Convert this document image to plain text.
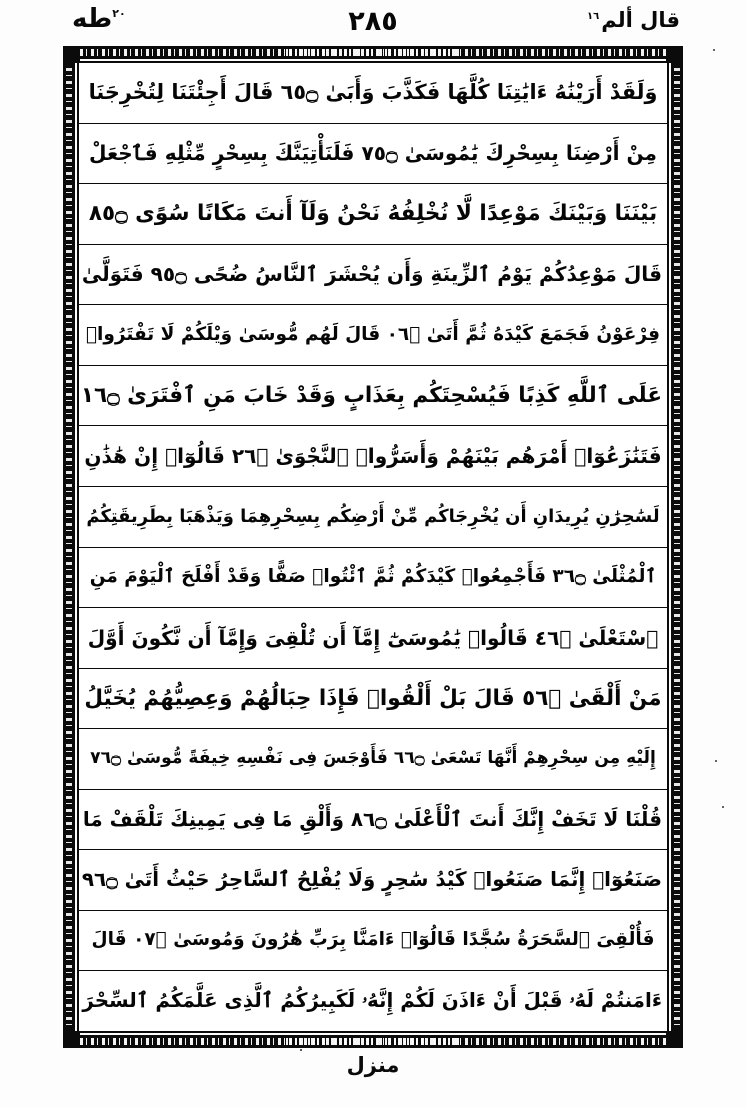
$^{٢٠}$طه	٢٨٥	قال ألم$^{١٦}$
وَلَقَدْ أَرَيْنَٰهُ ءَايَٰتِنَا كُلَّهَا فَكَذَّبَ وَأَبَىٰ ۝٥٦ قَالَ أَجِئْتَنَا لِتُخْرِجَنَا
مِنْ أَرْضِنَا بِسِحْرِكَ يَٰمُوسَىٰ ۝٥٧ فَلَنَأْتِيَنَّكَ بِسِحْرٍ مِّثْلِهِ فَٱجْعَلْ
بَيْنَنَا وَبَيْنَكَ مَوْعِدًا لَّا نُخْلِفُهُ نَحْنُ وَلَآ أَنتَ مَكَانًا سُوًى ۝٥٨
قَالَ مَوْعِدُكُمْ يَوْمُ ٱلزِّينَةِ وَأَن يُحْشَرَ ٱلنَّاسُ ضُحًى ۝٥٩ فَتَوَلَّىٰ
فِرْعَوْنُ فَجَمَعَ كَيْدَهُ ثُمَّ أَتَىٰ ۝٦٠ قَالَ لَهُم مُّوسَىٰ وَيْلَكُمْ لَا تَفْتَرُوا۟
عَلَى ٱللَّهِ كَذِبًا فَيُسْحِتَكُم بِعَذَابٍ وَقَدْ خَابَ مَنِ ٱفْتَرَىٰ ۝٦١
فَتَنَٰزَعُوٓا۟ أَمْرَهُم بَيْنَهُمْ وَأَسَرُّوا۟ ٱلنَّجْوَىٰ ۝٦٢ قَالُوٓا۟ إِنْ هَٰذَٰنِ
لَسَٰحِرَٰنِ يُرِيدَانِ أَن يُخْرِجَاكُم مِّنْ أَرْضِكُم بِسِحْرِهِمَا وَيَذْهَبَا بِطَرِيقَتِكُمُ
ٱلْمُثْلَىٰ ۝٦٣ فَأَجْمِعُوا۟ كَيْدَكُمْ ثُمَّ ٱئْتُوا۟ صَفًّا وَقَدْ أَفْلَحَ ٱلْيَوْمَ مَنِ
ٱسْتَعْلَىٰ ۝٦٤ قَالُوا۟ يَٰمُوسَىٰٓ إِمَّآ أَن تُلْقِىَ وَإِمَّآ أَن نَّكُونَ أَوَّلَ
مَنْ أَلْقَىٰ ۝٦٥ قَالَ بَلْ أَلْقُوا۟ فَإِذَا حِبَالُهُمْ وَعِصِيُّهُمْ يُخَيَّلُ
إِلَيْهِ مِن سِحْرِهِمْ أَنَّهَا تَسْعَىٰ ۝٦٦ فَأَوْجَسَ فِى نَفْسِهِ خِيفَةً مُّوسَىٰ ۝٦٧
قُلْنَا لَا تَخَفْ إِنَّكَ أَنتَ ٱلْأَعْلَىٰ ۝٦٨ وَأَلْقِ مَا فِى يَمِينِكَ تَلْقَفْ مَا
صَنَعُوٓا۟ إِنَّمَا صَنَعُوا۟ كَيْدُ سَٰحِرٍ وَلَا يُفْلِحُ ٱلسَّاحِرُ حَيْثُ أَتَىٰ ۝٦٩
فَأُلْقِىَ ٱلسَّحَرَةُ سُجَّدًا قَالُوٓا۟ ءَامَنَّا بِرَبِّ هَٰرُونَ وَمُوسَىٰ ۝٧٠ قَالَ
ءَامَنتُمْ لَهُۥ قَبْلَ أَنْ ءَاذَنَ لَكُمْ إِنَّهُۥ لَكَبِيرُكُمُ ٱلَّذِى عَلَّمَكُمُ ٱلسِّحْرَ
منزل
